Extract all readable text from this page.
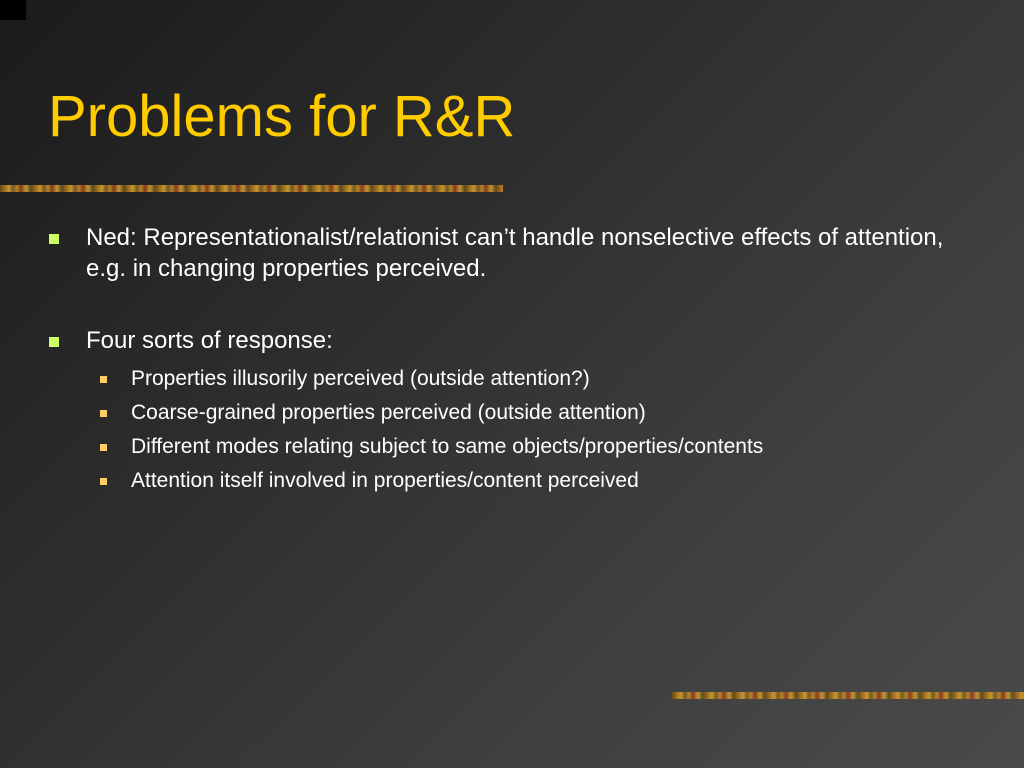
Problems for R&R
Ned: Representationalist/relationist can’t handle nonselective effects of attention, e.g. in changing properties perceived.
Four sorts of response:
Properties illusorily perceived (outside attention?)
Coarse-grained properties perceived (outside attention)
Different modes relating subject to same objects/properties/contents
Attention itself involved in properties/content perceived
